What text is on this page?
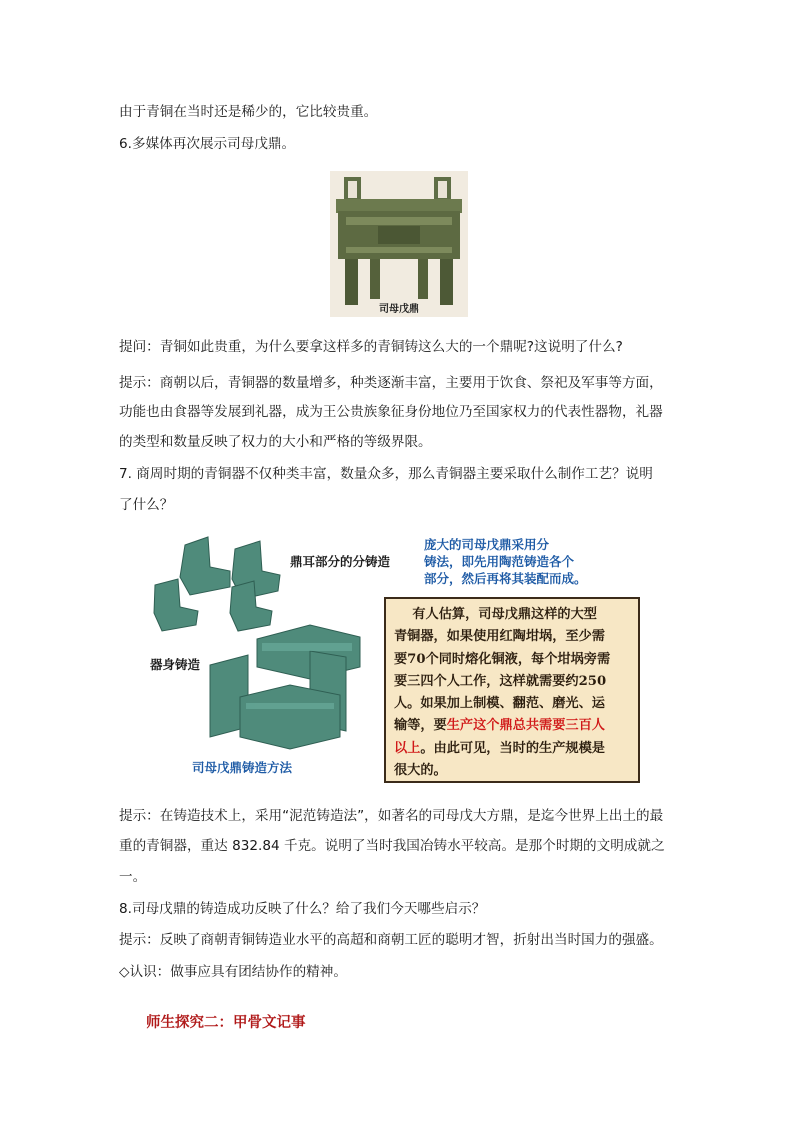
由于青铜在当时还是稀少的，它比较贵重。
6.多媒体再次展示司母戊鼎。
司母戊鼎
提问：青铜如此贵重，为什么要拿这样多的青铜铸这么大的一个鼎呢?这说明了什么?
提示：商朝以后，青铜器的数量增多，种类逐渐丰富，主要用于饮食、祭祀及军事等方面，
功能也由食器等发展到礼器，成为王公贵族象征身份地位乃至国家权力的代表性器物，礼器
的类型和数量反映了权力的大小和严格的等级界限。
7. 商周时期的青铜器不仅种类丰富，数量众多，那么青铜器主要采取什么制作工艺？说明
了什么？
鼎耳部分的分铸造
器身铸造
司母戊鼎铸造方法
庞大的司母戊鼎采用分
铸法，即先用陶范铸造各个
部分，然后再将其装配而成。
有人估算，司母戊鼎这样的大型
青铜器，如果使用红陶坩埚，至少需
要70个同时熔化铜液，每个坩埚旁需
要三四个人工作，这样就需要约250
人。如果加上制模、翻范、磨光、运
输等，要生产这个鼎总共需要三百人
以上。由此可见，当时的生产规模是
很大的。
提示：在铸造技术上，采用“泥范铸造法”，如著名的司母戊大方鼎，是迄今世界上出土的最
重的青铜器，重达 832.84 千克。说明了当时我国冶铸水平较高。是那个时期的文明成就之
一。
8.司母戊鼎的铸造成功反映了什么？给了我们今天哪些启示？
提示：反映了商朝青铜铸造业水平的高超和商朝工匠的聪明才智，折射出当时国力的强盛。
◇认识：做事应具有团结协作的精神。
师生探究二：甲骨文记事
